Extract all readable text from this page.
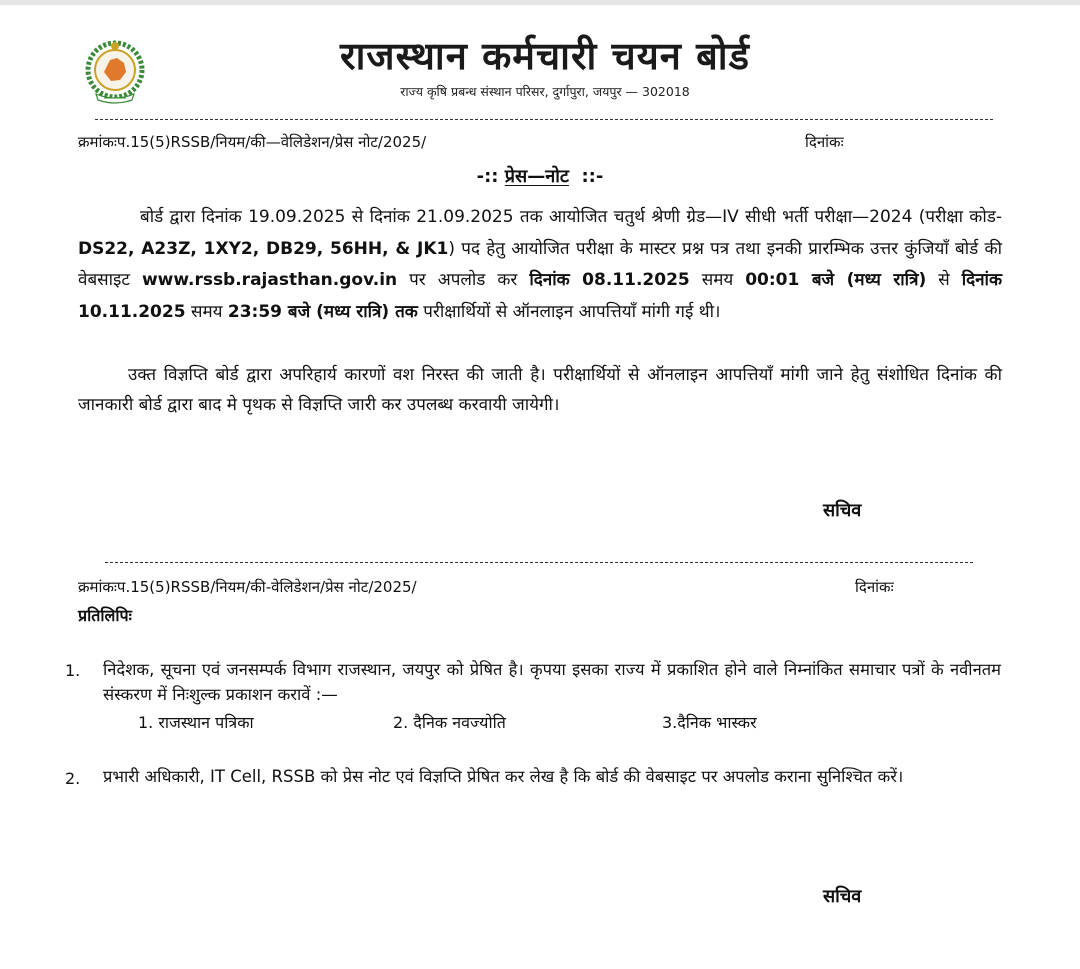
राजस्थान कर्मचारी चयन बोर्ड
राज्य कृषि प्रबन्ध संस्थान परिसर, दुर्गापुरा, जयपुर — 302018
क्रमांकःप.15(5)RSSB/नियम/की—वेलिडेशन/प्रेस नोट/2025/	दिनांकः
-:: प्रेस—नोट ::-

बोर्ड द्वारा दिनांक 19.09.2025 से दिनांक 21.09.2025 तक आयोजित चतुर्थ श्रेणी ग्रेड—IV सीधी भर्ती परीक्षा—2024 (परीक्षा कोड-DS22, A23Z, 1XY2, DB29, 56HH, & JK1) पद हेतु आयोजित परीक्षा के मास्टर प्रश्न पत्र तथा इनकी प्रारम्भिक उत्तर कुंजियाँ बोर्ड की वेबसाइट www.rssb.rajasthan.gov.in पर अपलोड कर दिनांक 08.11.2025 समय 00:01 बजे (मध्य रात्रि) से दिनांक 10.11.2025 समय 23:59 बजे (मध्य रात्रि) तक परीक्षार्थियों से ऑनलाइन आपत्तियाँ मांगी गई थी।

उक्त विज्ञप्ति बोर्ड द्वारा अपरिहार्य कारणों वश निरस्त की जाती है। परीक्षार्थियों से ऑनलाइन आपत्तियाँ मांगी जाने हेतु संशोधित दिनांक की जानकारी बोर्ड द्वारा बाद मे पृथक से विज्ञप्ति जारी कर उपलब्ध करवायी जायेगी।

सचिव
क्रमांकःप.15(5)RSSB/नियम/की-वेलिडेशन/प्रेस नोट/2025/	दिनांकः
प्रतिलिपिः
1. निदेशक, सूचना एवं जनसम्पर्क विभाग राजस्थान, जयपुर को प्रेषित है। कृपया इसका राज्य में प्रकाशित होने वाले निम्नांकित समाचार पत्रों के नवीनतम संस्करण में निःशुल्क प्रकाशन करावें :—

1. राजस्थान पत्रिका	2. दैनिक नवज्योति	3.दैनिक भास्कर
2. प्रभारी अधिकारी, IT Cell, RSSB को प्रेस नोट एवं विज्ञप्ति प्रेषित कर लेख है कि बोर्ड की वेबसाइट पर अपलोड कराना सुनिश्चित करें।

सचिव
